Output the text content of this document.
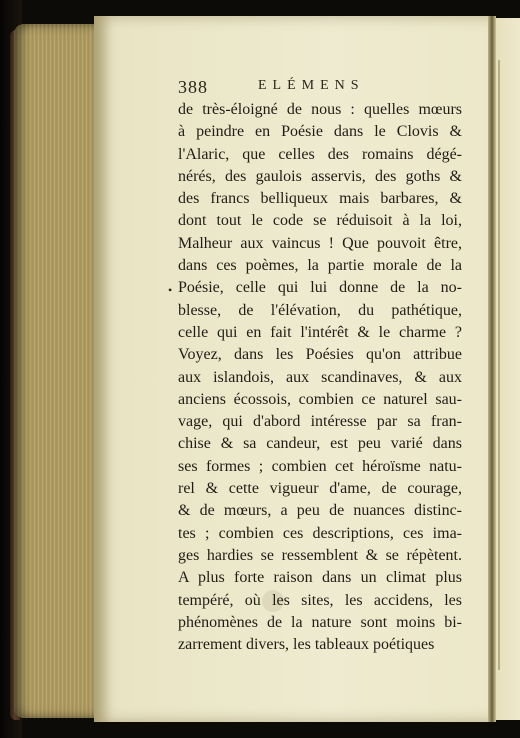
388	ELÉMENS
•
de très-éloigné de nous : quelles mœurs
à peindre en Poésie dans le Clovis &
l'Alaric, que celles des romains dégé-
nérés, des gaulois asservis, des goths &
des francs belliqueux mais barbares, &
dont tout le code se réduisoit à la loi,
Malheur aux vaincus ! Que pouvoit être,
dans ces poèmes, la partie morale de la
Poésie, celle qui lui donne de la no-
blesse, de l'élévation, du pathétique,
celle qui en fait l'intérêt & le charme ?
Voyez, dans les Poésies qu'on attribue
aux islandois, aux scandinaves, & aux
anciens écossois, combien ce naturel sau-
vage, qui d'abord intéresse par sa fran-
chise & sa candeur, est peu varié dans
ses formes ; combien cet héroïsme natu-
rel & cette vigueur d'ame, de courage,
& de mœurs, a peu de nuances distinc-
tes ; combien ces descriptions, ces ima-
ges hardies se ressemblent & se répètent.
A plus forte raison dans un climat plus
tempéré, où les sites, les accidens, les
phénomènes de la nature sont moins bi-
zarrement divers, les tableaux poétiques
